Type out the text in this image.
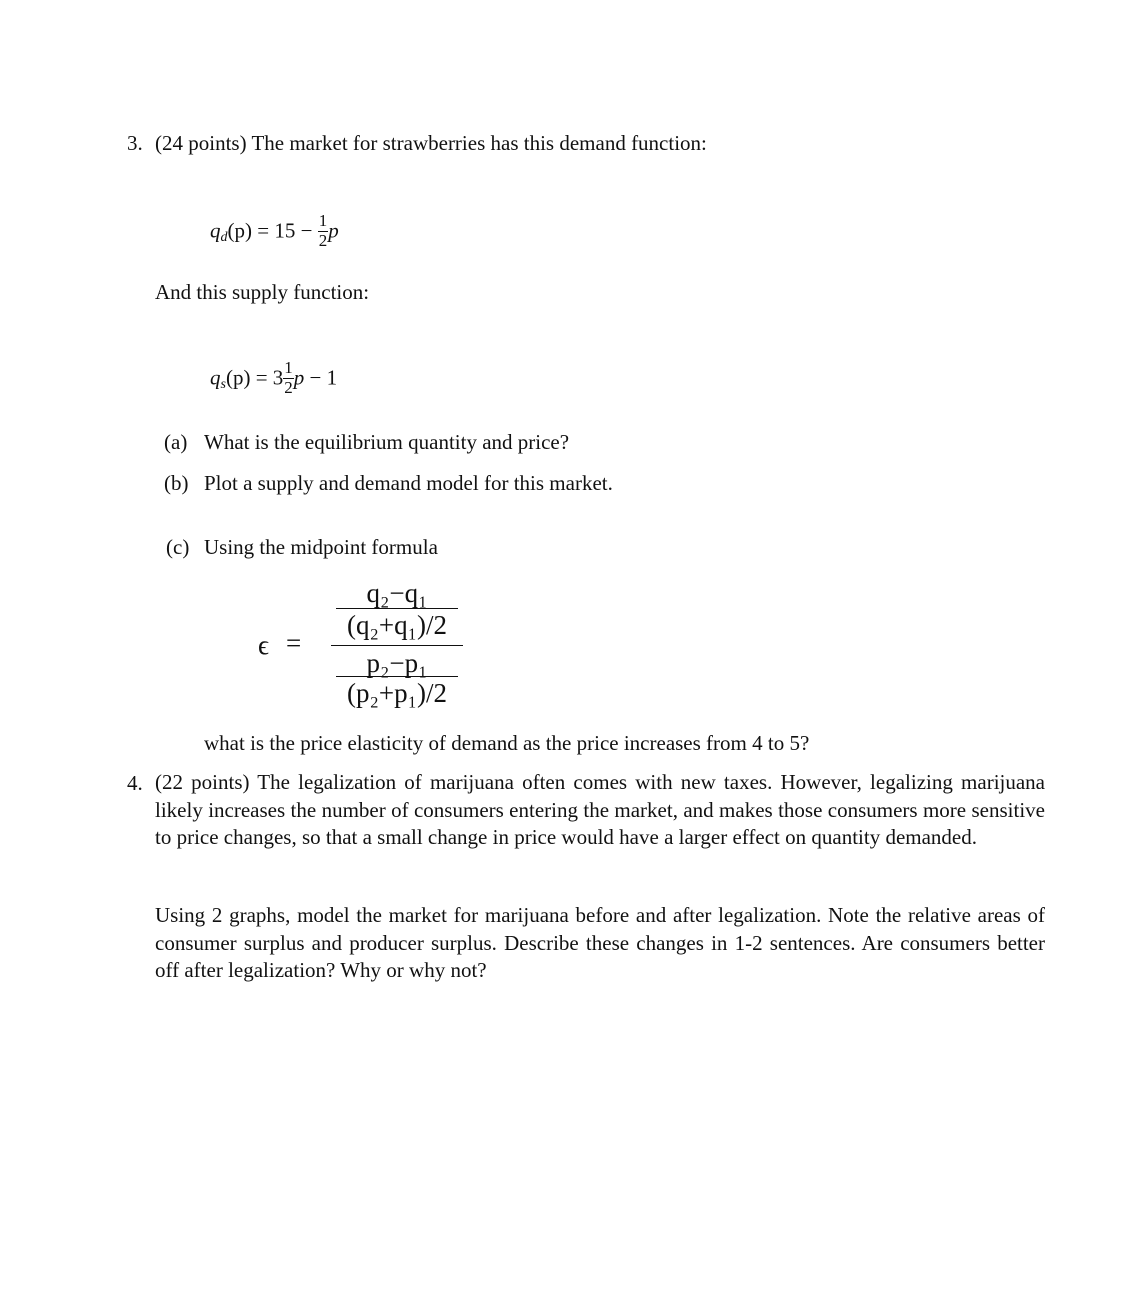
3. (24 points) The market for strawberries has this demand function:
$qd(p) = 15 - \frac{1}{2}$ p
And this supply function:
$qs(p) = 3 \frac{1}{2}$ p − 1
(a) What is the equilibrium quantity and price?
(b) Plot a supply and demand model for this market.
(c) Using the midpoint formula
ϵ =
q₂−q₁
(q₂+q₁)/2
p₂−p₁
(p₂+p₁)/2
what is the price elasticity of demand as the price increases from 4 to 5?
4. (22 points) The legalization of marijuana often comes with new taxes. However, legalizing marijuana likely increases the number of consumers entering the market, and makes those consumers more sensitive to price changes, so that a small change in price would have a larger effect on quantity demanded.
Using 2 graphs, model the market for marijuana before and after legalization. Note the relative areas of consumer surplus and producer surplus. Describe these changes in 1-2 sentences. Are consumers better off after legalization? Why or why not?
